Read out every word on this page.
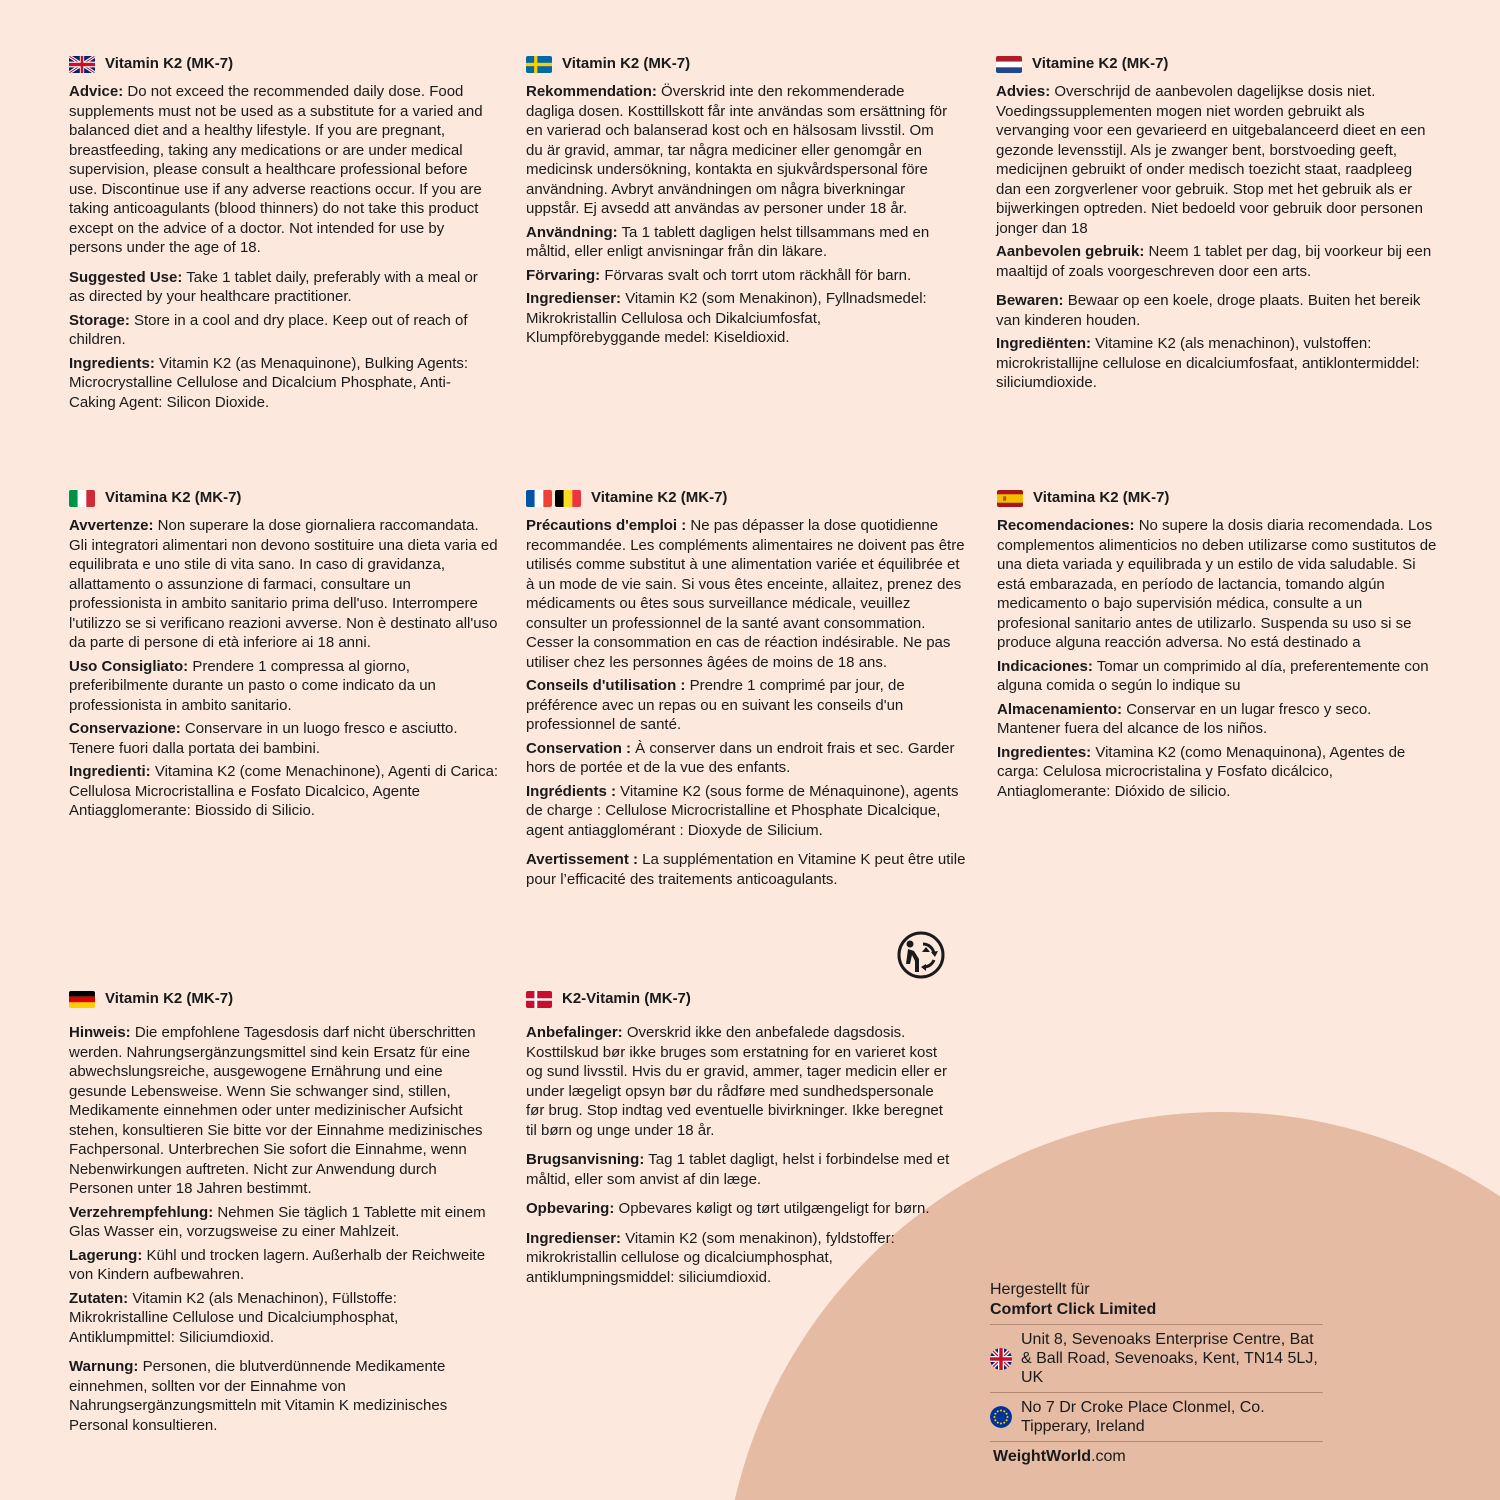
Vitamin K2 (MK-7)

Advice: Do not exceed the recommended daily dose. Food supplements must not be used as a substitute for a varied and balanced diet and a healthy lifestyle. If you are pregnant, breastfeeding, taking any medications or are under medical supervision, please consult a healthcare professional before use. Discontinue use if any adverse reactions occur. If you are taking anticoagulants (blood thinners) do not take this product except on the advice of a doctor. Not intended for use by persons under the age of 18.

Suggested Use: Take 1 tablet daily, preferably with a meal or as directed by your healthcare practitioner.

Storage: Store in a cool and dry place. Keep out of reach of children.

Ingredients: Vitamin K2 (as Menaquinone), Bulking Agents: Microcrystalline Cellulose and Dicalcium Phosphate, Anti-Caking Agent: Silicon Dioxide.

Vitamin K2 (MK-7)

Rekommendation: Överskrid inte den rekommenderade dagliga dosen. Kosttillskott får inte användas som ersättning för en varierad och balanserad kost och en hälsosam livsstil. Om du är gravid, ammar, tar några mediciner eller genomgår en medicinsk undersökning, kontakta en sjukvårdspersonal före användning. Avbryt användningen om några biverkningar uppstår. Ej avsedd att användas av personer under 18 år.

Användning: Ta 1 tablett dagligen helst tillsammans med en måltid, eller enligt anvisningar från din läkare.

Förvaring: Förvaras svalt och torrt utom räckhåll för barn.

Ingredienser: Vitamin K2 (som Menakinon), Fyllnadsmedel: Mikrokristallin Cellulosa och Dikalciumfosfat, Klumpförebyggande medel: Kiseldioxid.

Vitamine K2 (MK-7)

Advies: Overschrijd de aanbevolen dagelijkse dosis niet. Voedingssupplementen mogen niet worden gebruikt als vervanging voor een gevarieerd en uitgebalanceerd dieet en een gezonde levensstijl. Als je zwanger bent, borstvoeding geeft, medicijnen gebruikt of onder medisch toezicht staat, raadpleeg dan een zorgverlener voor gebruik. Stop met het gebruik als er bijwerkingen optreden. Niet bedoeld voor gebruik door personen jonger dan 18

Aanbevolen gebruik: Neem 1 tablet per dag, bij voorkeur bij een maaltijd of zoals voorgeschreven door een arts.

Bewaren: Bewaar op een koele, droge plaats. Buiten het bereik van kinderen houden.

Ingrediënten: Vitamine K2 (als menachinon), vulstoffen: microkristallijne cellulose en dicalciumfosfaat, antiklontermiddel: siliciumdioxide.

Vitamina K2 (MK-7)

Avvertenze: Non superare la dose giornaliera raccomandata. Gli integratori alimentari non devono sostituire una dieta varia ed equilibrata e uno stile di vita sano. In caso di gravidanza, allattamento o assunzione di farmaci, consultare un professionista in ambito sanitario prima dell'uso. Interrompere l'utilizzo se si verificano reazioni avverse. Non è destinato all'uso da parte di persone di età inferiore ai 18 anni.

Uso Consigliato: Prendere 1 compressa al giorno, preferibilmente durante un pasto o come indicato da un professionista in ambito sanitario.

Conservazione: Conservare in un luogo fresco e asciutto. Tenere fuori dalla portata dei bambini.

Ingredienti: Vitamina K2 (come Menachinone), Agenti di Carica: Cellulosa Microcristallina e Fosfato Dicalcico, Agente Antiagglomerante: Biossido di Silicio.

Vitamine K2 (MK-7)

Précautions d'emploi : Ne pas dépasser la dose quotidienne recommandée. Les compléments alimentaires ne doivent pas être utilisés comme substitut à une alimentation variée et équilibrée et à un mode de vie sain. Si vous êtes enceinte, allaitez, prenez des médicaments ou êtes sous surveillance médicale, veuillez consulter un professionnel de la santé avant consommation. Cesser la consommation en cas de réaction indésirable. Ne pas utiliser chez les personnes âgées de moins de 18 ans.

Conseils d'utilisation : Prendre 1 comprimé par jour, de préférence avec un repas ou en suivant les conseils d'un professionnel de santé.

Conservation : À conserver dans un endroit frais et sec. Garder hors de portée et de la vue des enfants.

Ingrédients : Vitamine K2 (sous forme de Ménaquinone), agents de charge : Cellulose Microcristalline et Phosphate Dicalcique, agent antiagglomérant : Dioxyde de Silicium.

Avertissement : La supplémentation en Vitamine K peut être utile pour l’efficacité des traitements anticoagulants.

Vitamina K2 (MK-7)

Recomendaciones: No supere la dosis diaria recomendada. Los complementos alimenticios no deben utilizarse como sustitutos de una dieta variada y equilibrada y un estilo de vida saludable. Si está embarazada, en período de lactancia, tomando algún medicamento o bajo supervisión médica, consulte a un profesional sanitario antes de utilizarlo. Suspenda su uso si se produce alguna reacción adversa. No está destinado a

Indicaciones: Tomar un comprimido al día, preferentemente con alguna comida o según lo indique su

Almacenamiento: Conservar en un lugar fresco y seco. Mantener fuera del alcance de los niños.

Ingredientes: Vitamina K2 (como Menaquinona), Agentes de carga: Celulosa microcristalina y Fosfato dicálcico, Antiaglomerante: Dióxido de silicio.

Vitamin K2 (MK-7)

Hinweis: Die empfohlene Tagesdosis darf nicht überschritten werden. Nahrungsergänzungsmittel sind kein Ersatz für eine abwechslungsreiche, ausgewogene Ernährung und eine gesunde Lebensweise. Wenn Sie schwanger sind, stillen, Medikamente einnehmen oder unter medizinischer Aufsicht stehen, konsultieren Sie bitte vor der Einnahme medizinisches Fachpersonal. Unterbrechen Sie sofort die Einnahme, wenn Nebenwirkungen auftreten. Nicht zur Anwendung durch Personen unter 18 Jahren bestimmt.

Verzehrempfehlung: Nehmen Sie täglich 1 Tablette mit einem Glas Wasser ein, vorzugsweise zu einer Mahlzeit.

Lagerung: Kühl und trocken lagern. Außerhalb der Reichweite von Kindern aufbewahren.

Zutaten: Vitamin K2 (als Menachinon), Füllstoffe: Mikrokristalline Cellulose und Dicalciumphosphat, Antiklumpmittel: Siliciumdioxid.

Warnung: Personen, die blutverdünnende Medikamente einnehmen, sollten vor der Einnahme von Nahrungsergänzungsmitteln mit Vitamin K medizinisches Personal konsultieren.

K2-Vitamin (MK-7)

Anbefalinger: Overskrid ikke den anbefalede dagsdosis. Kosttilskud bør ikke bruges som erstatning for en varieret kost og sund livsstil. Hvis du er gravid, ammer, tager medicin eller er under lægeligt opsyn bør du rådføre med sundhedspersonale før brug. Stop indtag ved eventuelle bivirkninger. Ikke beregnet til børn og unge under 18 år.

Brugsanvisning: Tag 1 tablet dagligt, helst i forbindelse med et måltid, eller som anvist af din læge.

Opbevaring: Opbevares køligt og tørt utilgængeligt for børn.

Ingredienser: Vitamin K2 (som menakinon), fyldstoffer: mikrokristallin cellulose og dicalciumphosphat, antiklumpningsmiddel: siliciumdioxid.

Hergestellt für
Comfort Click Limited
Unit 8, Sevenoaks Enterprise Centre, Bat & Ball Road, Sevenoaks, Kent, TN14 5LJ, UK
No 7 Dr Croke Place Clonmel, Co. Tipperary, Ireland
WeightWorld.com
